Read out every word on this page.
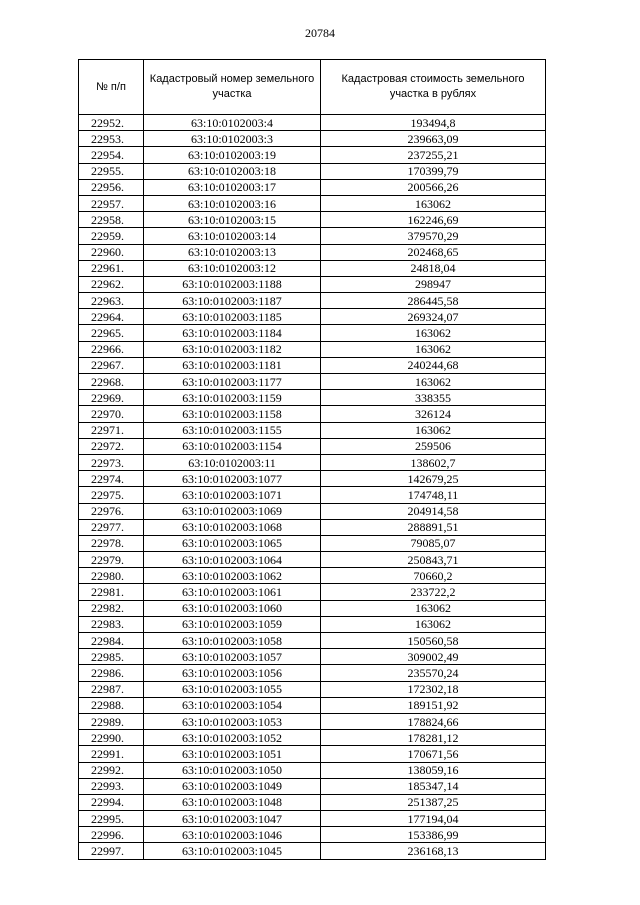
20784
№ п/п	Кадастровый номер земельного участка	Кадастровая стоимость земельного участка в рублях
22952.	63:10:0102003:4	193494,8
22953.	63:10:0102003:3	239663,09
22954.	63:10:0102003:19	237255,21
22955.	63:10:0102003:18	170399,79
22956.	63:10:0102003:17	200566,26
22957.	63:10:0102003:16	163062
22958.	63:10:0102003:15	162246,69
22959.	63:10:0102003:14	379570,29
22960.	63:10:0102003:13	202468,65
22961.	63:10:0102003:12	24818,04
22962.	63:10:0102003:1188	298947
22963.	63:10:0102003:1187	286445,58
22964.	63:10:0102003:1185	269324,07
22965.	63:10:0102003:1184	163062
22966.	63:10:0102003:1182	163062
22967.	63:10:0102003:1181	240244,68
22968.	63:10:0102003:1177	163062
22969.	63:10:0102003:1159	338355
22970.	63:10:0102003:1158	326124
22971.	63:10:0102003:1155	163062
22972.	63:10:0102003:1154	259506
22973.	63:10:0102003:11	138602,7
22974.	63:10:0102003:1077	142679,25
22975.	63:10:0102003:1071	174748,11
22976.	63:10:0102003:1069	204914,58
22977.	63:10:0102003:1068	288891,51
22978.	63:10:0102003:1065	79085,07
22979.	63:10:0102003:1064	250843,71
22980.	63:10:0102003:1062	70660,2
22981.	63:10:0102003:1061	233722,2
22982.	63:10:0102003:1060	163062
22983.	63:10:0102003:1059	163062
22984.	63:10:0102003:1058	150560,58
22985.	63:10:0102003:1057	309002,49
22986.	63:10:0102003:1056	235570,24
22987.	63:10:0102003:1055	172302,18
22988.	63:10:0102003:1054	189151,92
22989.	63:10:0102003:1053	178824,66
22990.	63:10:0102003:1052	178281,12
22991.	63:10:0102003:1051	170671,56
22992.	63:10:0102003:1050	138059,16
22993.	63:10:0102003:1049	185347,14
22994.	63:10:0102003:1048	251387,25
22995.	63:10:0102003:1047	177194,04
22996.	63:10:0102003:1046	153386,99
22997.	63:10:0102003:1045	236168,13
